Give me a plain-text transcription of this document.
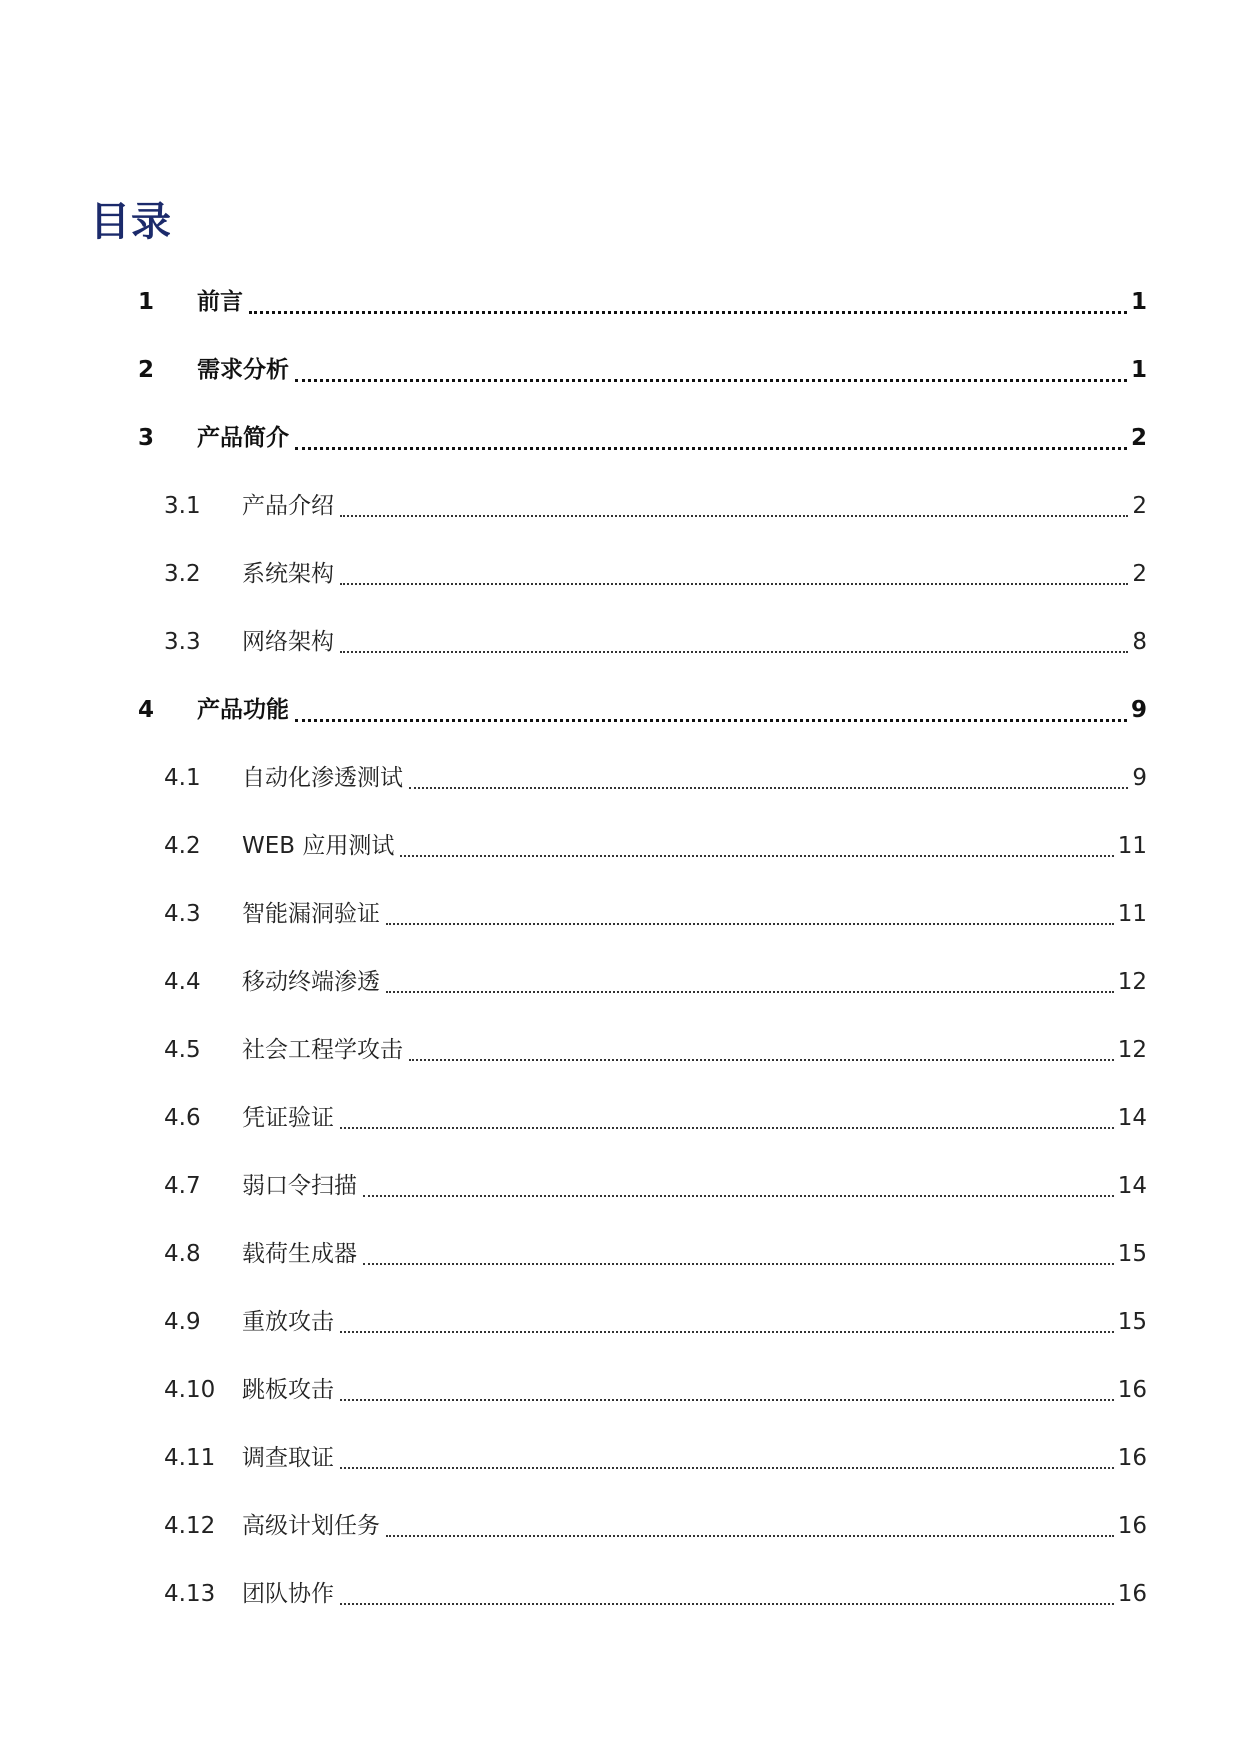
目录
1	前言	1
2	需求分析	1
3	产品简介	2
3.1	产品介绍	2
3.2	系统架构	2
3.3	网络架构	8
4	产品功能	9
4.1	自动化渗透测试	9
4.2	WEB 应用测试	11
4.3	智能漏洞验证	11
4.4	移动终端渗透	12
4.5	社会工程学攻击	12
4.6	凭证验证	14
4.7	弱口令扫描	14
4.8	载荷生成器	15
4.9	重放攻击	15
4.10	跳板攻击	16
4.11	调查取证	16
4.12	高级计划任务	16
4.13	团队协作	16
